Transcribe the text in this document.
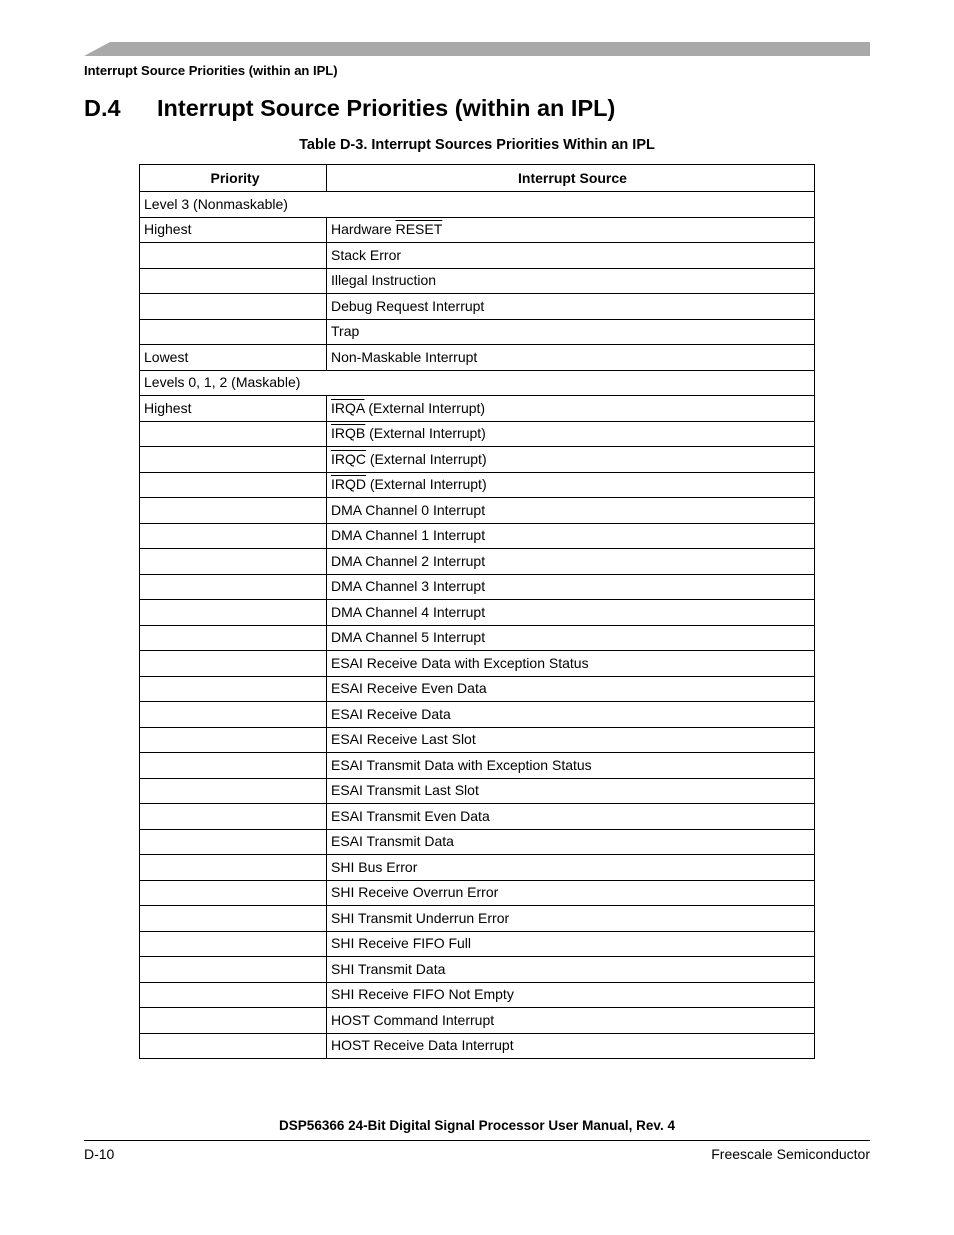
Interrupt Source Priorities (within an IPL)
D.4 Interrupt Source Priorities (within an IPL)
Table D-3. Interrupt Sources Priorities Within an IPL
Priority	Interrupt Source
Level 3 (Nonmaskable)	
Highest	Hardware RESET
	Stack Error
	Illegal Instruction
	Debug Request Interrupt
	Trap
Lowest	Non-Maskable Interrupt
Levels 0, 1, 2 (Maskable)	
Highest	IRQA (External Interrupt)
	IRQB (External Interrupt)
	IRQC (External Interrupt)
	IRQD (External Interrupt)
	DMA Channel 0 Interrupt
	DMA Channel 1 Interrupt
	DMA Channel 2 Interrupt
	DMA Channel 3 Interrupt
	DMA Channel 4 Interrupt
	DMA Channel 5 Interrupt
	ESAI Receive Data with Exception Status
	ESAI Receive Even Data
	ESAI Receive Data
	ESAI Receive Last Slot
	ESAI Transmit Data with Exception Status
	ESAI Transmit Last Slot
	ESAI Transmit Even Data
	ESAI Transmit Data
	SHI Bus Error
	SHI Receive Overrun Error
	SHI Transmit Underrun Error
	SHI Receive FIFO Full
	SHI Transmit Data
	SHI Receive FIFO Not Empty
	HOST Command Interrupt
	HOST Receive Data Interrupt
DSP56366 24-Bit Digital Signal Processor User Manual, Rev. 4
D-10	Freescale Semiconductor
